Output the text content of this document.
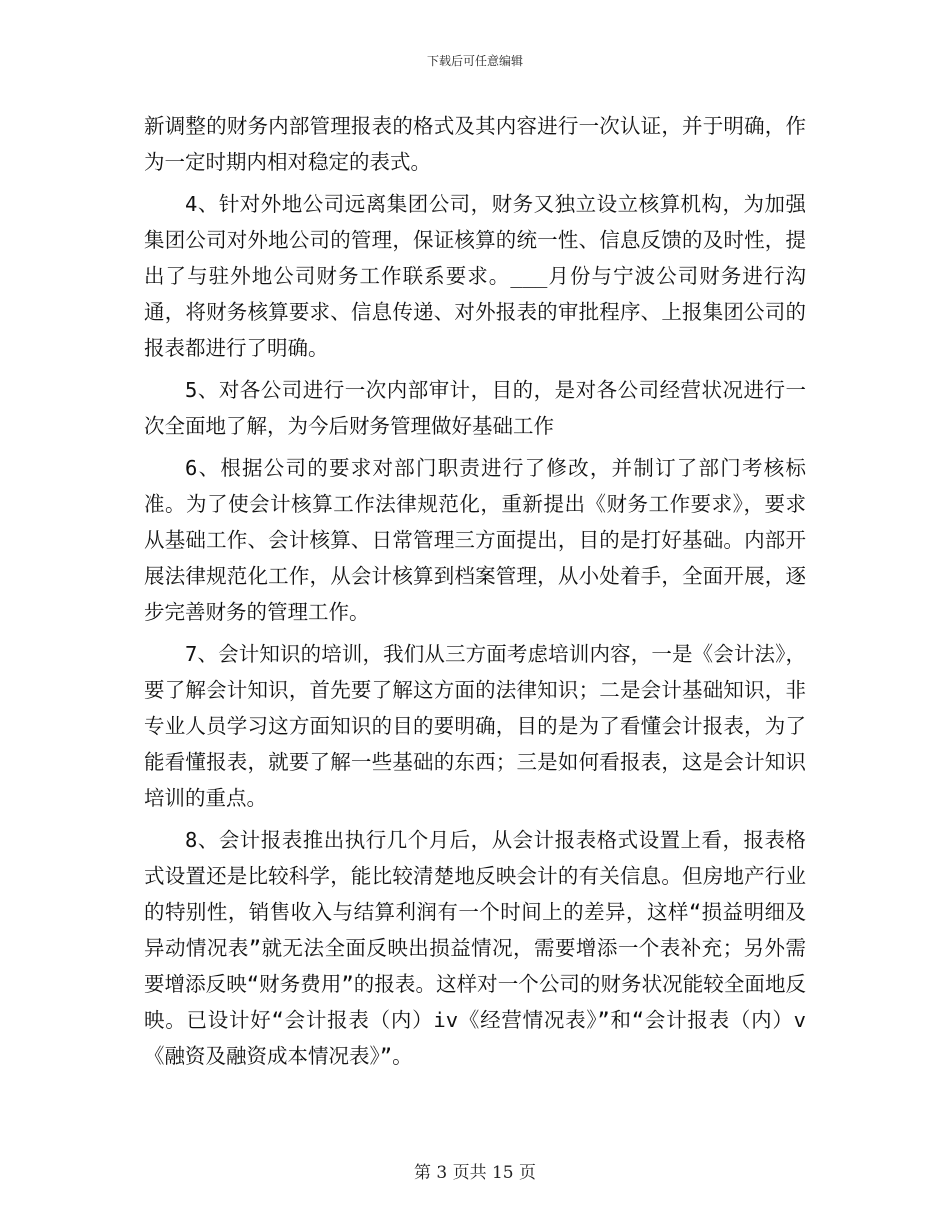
下载后可任意编辑

新调整的财务内部管理报表的格式及其内容进行一次认证，并于明确，作为一定时期内相对稳定的表式。

4、针对外地公司远离集团公司，财务又独立设立核算机构，为加强集团公司对外地公司的管理，保证核算的统一性、信息反馈的及时性，提出了与驻外地公司财务工作联系要求。___月份与宁波公司财务进行沟通，将财务核算要求、信息传递、对外报表的审批程序、上报集团公司的报表都进行了明确。

5、对各公司进行一次内部审计，目的，是对各公司经营状况进行一次全面地了解，为今后财务管理做好基础工作

6、根据公司的要求对部门职责进行了修改，并制订了部门考核标准。为了使会计核算工作法律规范化，重新提出《财务工作要求》，要求从基础工作、会计核算、日常管理三方面提出，目的是打好基础。内部开展法律规范化工作，从会计核算到档案管理，从小处着手，全面开展，逐步完善财务的管理工作。

7、会计知识的培训，我们从三方面考虑培训内容，一是《会计法》，要了解会计知识，首先要了解这方面的法律知识；二是会计基础知识，非专业人员学习这方面知识的目的要明确，目的是为了看懂会计报表，为了能看懂报表，就要了解一些基础的东西；三是如何看报表，这是会计知识培训的重点。

8、会计报表推出执行几个月后，从会计报表格式设置上看，报表格式设置还是比较科学，能比较清楚地反映会计的有关信息。但房地产行业的特别性，销售收入与结算利润有一个时间上的差异，这样“损益明细及异动情况表”就无法全面反映出损益情况，需要增添一个表补充；另外需要增添反映“财务费用”的报表。这样对一个公司的财务状况能较全面地反映。已设计好“会计报表（内）iv《经营情况表》”和“会计报表（内）v《融资及融资成本情况表》”。

第 3 页共 15 页
